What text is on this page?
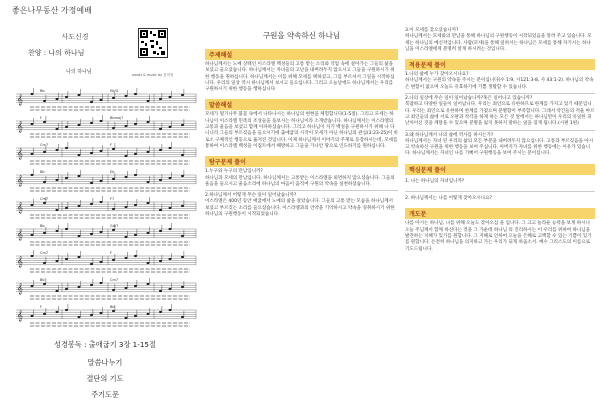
좋은나무동산 가정예배
사도신경
찬양 : 나의 하나님
나의 하나님	words & music by 김미정
𝄞
Bb	Eb/G
𝄞
F	Bbmaj7
𝄞
Cm7	F
𝄞
Bb	Eb
𝄞
Cm7	F7
𝄞
Bb	Gm7
𝄞
Cm7	F
𝄞
Bb	Cm7
𝄞
F	Bb
성경봉독 : 출애굽기 3장 1-15절
말씀나누기
결단의 기도
주기도문
구원을 약속하신 하나님
주제해설
하나님께서는 노예 상태인 이스라엘 백성들의 고통 받는 소리와 억압 속에 살아가는 그들의 삶을 보셨고 들으셨습니다. 하나님께서는 자녀들의 고난을 내버려두지 않으시고 그들을 구원하시기 위한 행동을 취하십니다. 하나님께서는 이를 위해 모세를 택하셨고, 그를 부르셔서 그일을 시작하십니다. 우리의 일상 역시 하나님께서 보시고 들으십니다. 그리고 오늘날에도 하나님께서는 우리를 구원하시기 위한 행동을 행하십니다.
말씀해설
모세가 떨기나무 불꽃 속에서 나타나시는 하나님의 현현을 체험합니다(1-5절). 그리고 모세는 하나님이 이스라엘 민족의 조상들을 돌보시는 하나님이라 소개받습니다. 하나님께서는 이스라엘의 고통과 울음을 보셨고 함께 아파하셨습니다. 그리고 하나님이 자기 백성을 구원하시기 위해 나 다니니리 그들의 부르짖음을 들으시기에 출애굽의 시작이 모세가 아닌 하나님의 관심(3:23-25)이 바로소 구체적인 행동으로 옮겨진 것입니다. 이제 하나님께서 이야기의 주제로 등장하시는데, 모세를 통하여 이스라엘 백성을 이집트에서 해방하고 그들을 가나안 땅으로 인도하기를 원하십니다.
탐구문제 풀이
1.누구와 누구의 만남입니까?
하나님과 모세의 만남입니다. 하나님께서는 고통받는 이스라엘을 외면하지 않으셨습니다. 그들의 울음을 들으시고 울음소리에 하나님의 마음이 움직여 구원의 약속을 실천하셨습니다.
2.하나님께서 어떻게 무슨 일이 일어났습니까?
이스라엘은 400년 동안 애굽에서 노예의 삶을 살았습니다. 그들의 고통 받는 모습을 하나님께서 보셨고 부르짖는 소리를 들으셨습니다. 이스라엘과의 언약을 기억하시고 약속을 성취하시기 위한 하나님의 구원행동이 시작되었습니다.
3.이 모세를 찾으셨습니까?
하나님께서는 모세와의 만남을 통해 하나님의 구원행동이 시작되었음을 알려 주고 있습니다. 모세는 하나님의 메신저입니다. 사람(모세)을 통해 일하시는 하나님은 모세를 통해 자기시는 하나님을 이스라엘에게 분명히 알게 하시려는 것입니다.
적용문제 풀이
1.나의 삶에 누가 찾아오시나요?
하나님께서는 구원의 약속을 주시는 분이십니다(수 1:9, 시121:3-8, 사 43:1-2). 하나님의 약속은 변함이 없으며 오늘도 유효하기에 기쁨 생활할 수 있습니다.
2.나의 일상에 무슨 일이 일어났습니까?혹은 일어나고 있습니까?
복잡하고 다양한 일들이 일어납니다. 우리는 죄인으로 유한하므로 한계를 가지고 있기 때문입니다. 우리는 죄인으로 유한하며 한계를 가졌으며 분별함이 부족합니다. 그래서 약간들의 저울 마르고 죄인들의 삶에 서로 오판과 착각을 하게 하는 모든 것 앞에서는 하나님만이 우리의 유일한 피난처이신 것을 깨달을 수 있으며 분별을 잃지 못하지 말하는 일을 겪게 됩니다.(시편 1편)
3.왜 하나님께서 나의 삶에 역사를 하시는가?
하나님께서는 자녀 된 우리의 삶의 모든 부분을 내버려두지 않으십니다. 고통과 부르짖음을 아시고 약속하신 구원을 위한 행동을 보여 주십니다. 아버지가 자녀를 위한 행동에는 이유가 있습니다. 하나님께서는 자녀인 나를 기뻐어 구원행동을 보여 주시는 분이십니다.
핵심문제 풀이
1. 나는 하나님의 자녀입니까?
2. 하나님께서는 나를 어떻게 찾아오시나요?
개도문
나를 아시는 하나님, 나를 위해 오늘도 찾아오심 을 입니다. 그 크고 놀라운 능력을 보게 하시니 오늘 주님께서 함께 하신다는 것을 그 가운데 하나님 의 진리하시는 이 우리를 위하여 하나님을 발견하는 지혜가 있기를 원합니다. 그 지혜로 인하여 오늘을 은혜로 고백할 수 있는 기쁨이 있기를 원합니다. 온전히 하나님을 의지하고 가는 우리가 되게 하옵소서. 예수 그리스도의 이름으로 기도드립니다.
